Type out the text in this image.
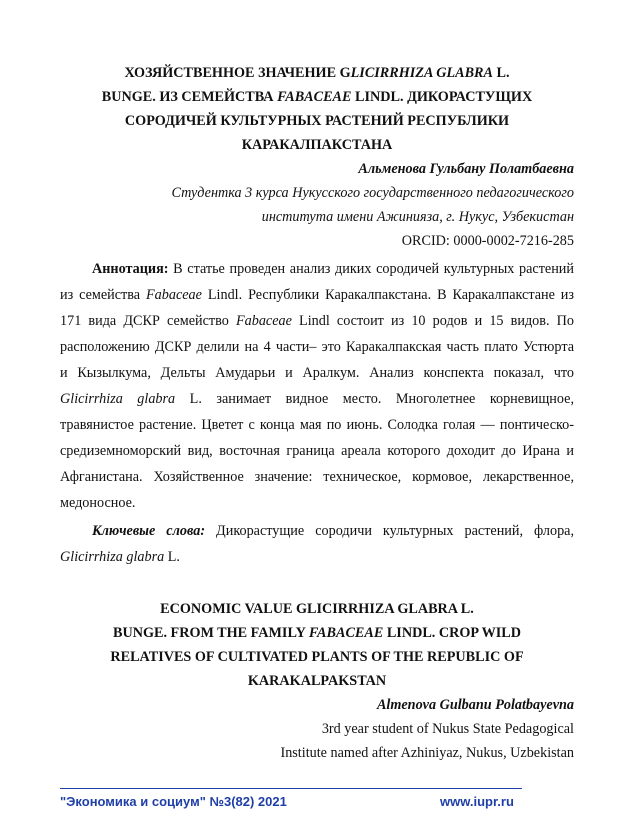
ХОЗЯЙСТВЕННОЕ ЗНАЧЕНИЕ GLICIRRHIZA GLABRA L.
BUNGE. ИЗ СЕМЕЙСТВА FABACEAE LINDL. ДИКОРАСТУЩИХ
СОРОДИЧЕЙ КУЛЬТУРНЫХ РАСТЕНИЙ РЕСПУБЛИКИ
КАРАКАЛПАКСТАНА
Альменова Гульбану Полатбаевна
Студентка 3 курса Нукусского государственного педагогического
института имени Ажинияза, г. Нукус, Узбекистан
ORCID: 0000-0002-7216-285
Аннотация: В статье проведен анализ диких сородичей культурных растений
из семейства Fabaceae Lindl. Республики Каракалпакстана. В Каракалпакстане из
171 вида ДСКР семейство Fabaceae Lindl состоит из 10 родов и 15 видов. По
расположению ДСКР делили на 4 части– это Каракалпакская часть плато Устюрта
и Кызылкума, Дельты Амударьи и Аралкум. Анализ конспекта показал, что
Glicirrhiza glabra L. занимает видное место. Многолетнее корневищное,
травянистое растение. Цветет с конца мая по июнь. Солодка голая — понтическо-
средиземноморский вид, восточная граница ареала которого доходит до Ирана и
Афганистана. Хозяйственное значение: техническое, кормовое, лекарственное,
медоносное.
Ключевые слова: Дикорастущие сородичи культурных растений, флора,
Glicirrhiza glabra L.
ECONOMIC VALUE GLICIRRHIZA GLABRA L.
BUNGE. FROM THE FAMILY FABACEAE LINDL. CROP WILD
RELATIVES OF CULTIVATED PLANTS OF THE REPUBLIC OF
KARAKALPAKSTAN
Almenova Gulbanu Polatbayevna
3rd year student of Nukus State Pedagogical
Institute named after Azhiniyaz, Nukus, Uzbekistan
"Экономика и социум" №3(82) 2021	www.iupr.ru
